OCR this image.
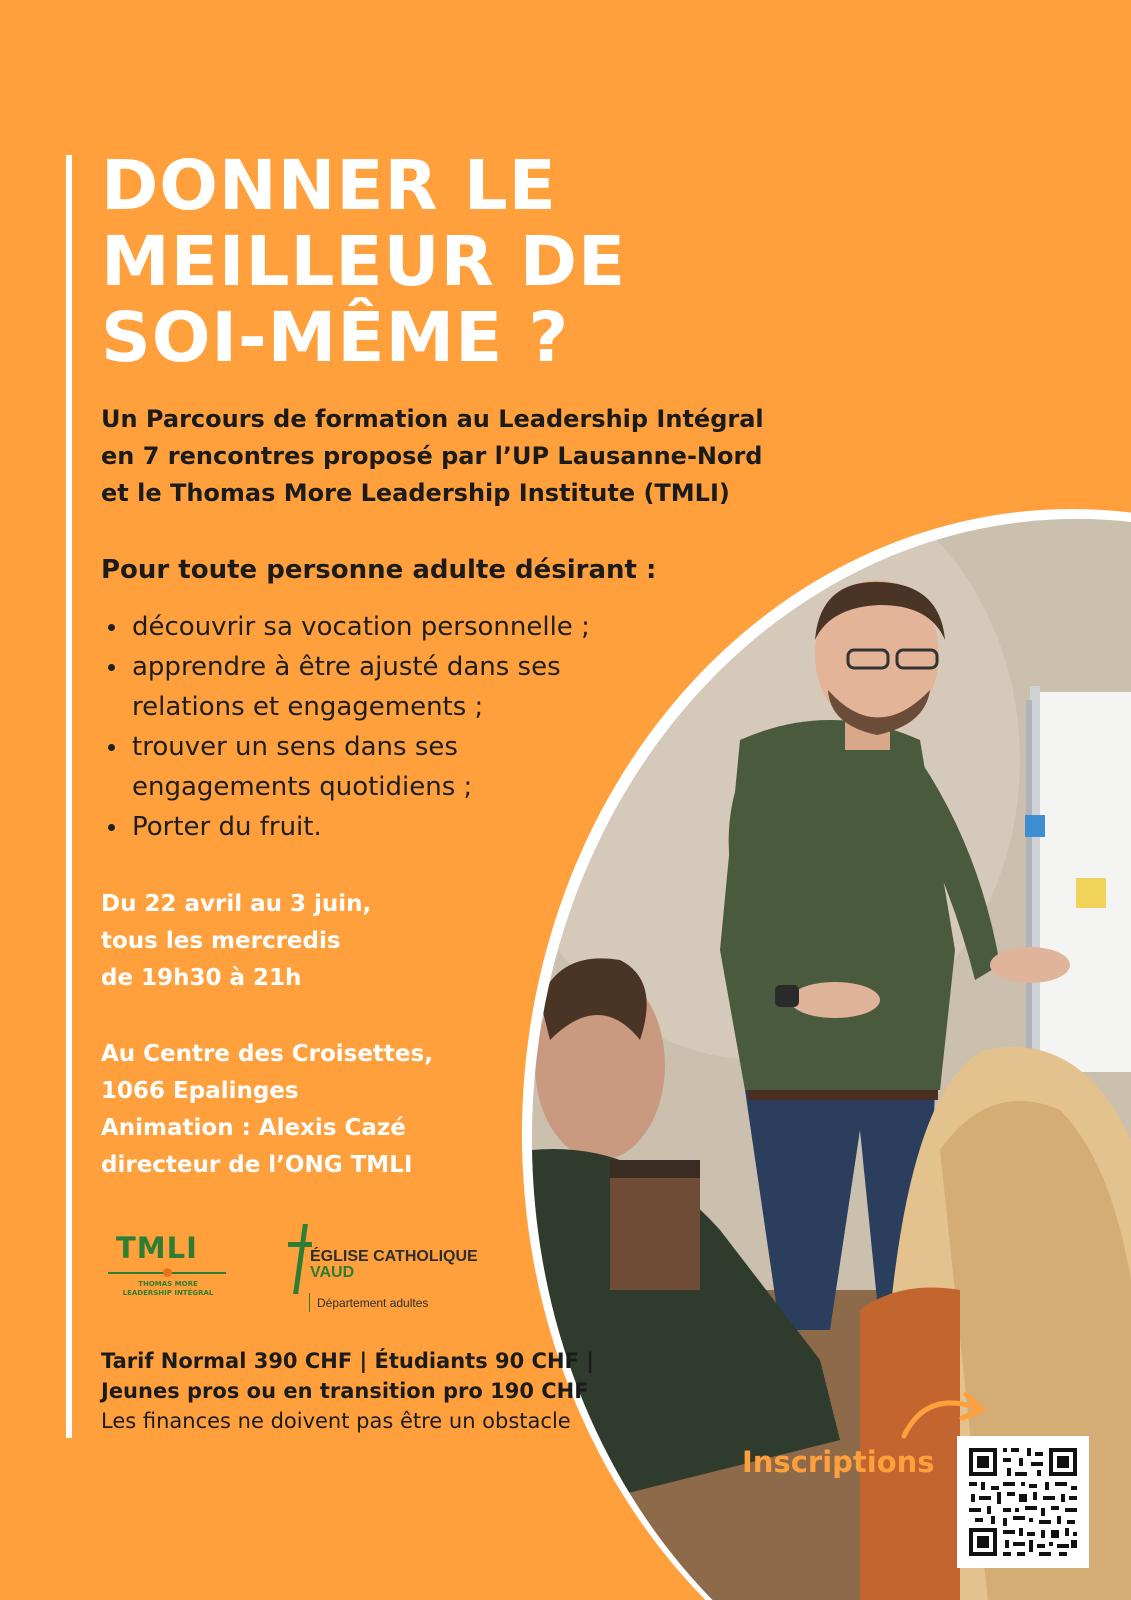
DONNER LE
MEILLEUR DE
SOI-MÊME ?

Un Parcours de formation au Leadership Intégral
en 7 rencontres proposé par l’UP Lausanne-Nord
et le Thomas More Leadership Institute (TMLI)

Pour toute personne adulte désirant :

découvrir sa vocation personnelle ;
apprendre à être ajusté dans ses
relations et engagements ;
trouver un sens dans ses
engagements quotidiens ;
Porter du fruit.

Du 22 avril au 3 juin,
tous les mercredis
de 19h30 à 21h

Au Centre des Croisettes,
1066 Epalinges
Animation : Alexis Cazé
directeur de l’ONG TMLI

TMLI
THOMAS MORE
LEADERSHIP INTÉGRAL
ÉGLISE CATHOLIQUE
VAUD
Département adultes

Tarif Normal 390 CHF | Étudiants 90 CHF |
Jeunes pros ou en transition pro 190 CHF
Les finances ne doivent pas être un obstacle

Inscriptions
